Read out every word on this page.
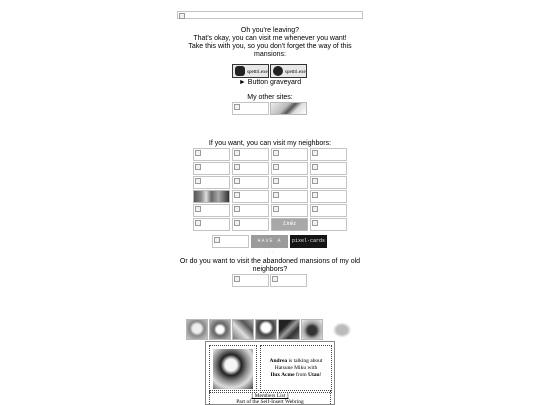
Oh you're leaving?
That's okay, you can visit me whenever you want!
Take this with you, so you don't forget the way of this
mansions:
spettri.exe	spettri.exe
► Button graveyard
My other sites:
If you want, you can visit my neighbors:
Linkz
HAVE A TEA
pixel·cards
Or do you want to visit the abandoned mansions of my old
neighbors?
Andrea is talking about
Hatsune Miku with
Ilux Acme from Utau!
[ Members List ]
Part of the Self-Insert Webring
